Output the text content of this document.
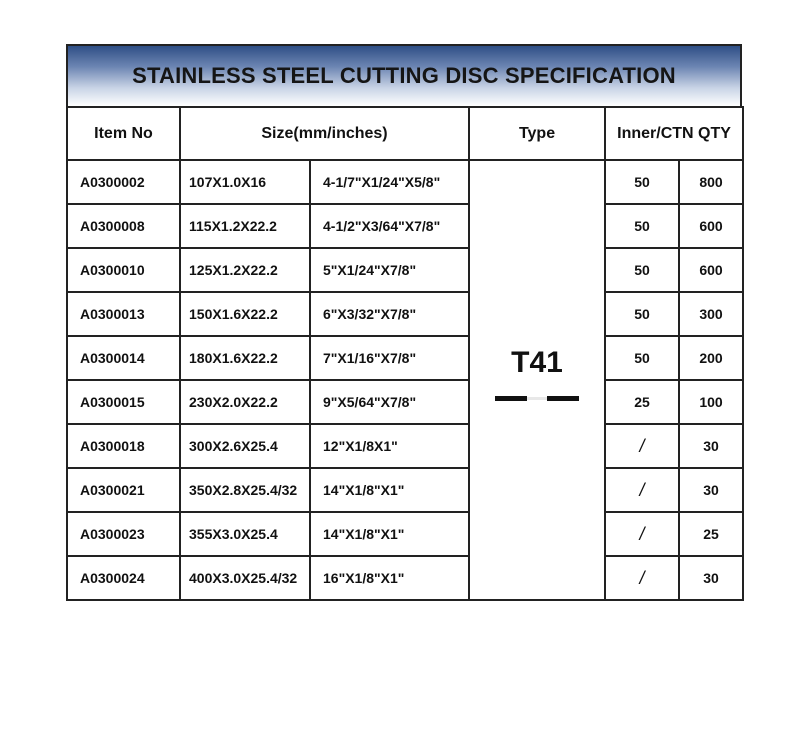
STAINLESS STEEL CUTTING DISC SPECIFICATION
Item No	Size(mm/inches)		Type	Inner/CTN QTY	
A0300002	107X1.0X16	4-1/7"X1/24"X5/8"	T41	50	800
A0300008	115X1.2X22.2	4-1/2"X3/64"X7/8"		50	600
A0300010	125X1.2X22.2	5"X1/24"X7/8"		50	600
A0300013	150X1.6X22.2	6"X3/32"X7/8"		50	300
A0300014	180X1.6X22.2	7"X1/16"X7/8"		50	200
A0300015	230X2.0X22.2	9"X5/64"X7/8"		25	100
A0300018	300X2.6X25.4	12"X1/8X1"		/	30
A0300021	350X2.8X25.4/32	14"X1/8"X1"		/	30
A0300023	355X3.0X25.4	14"X1/8"X1"		/	25
A0300024	400X3.0X25.4/32	16"X1/8"X1"		/	30
